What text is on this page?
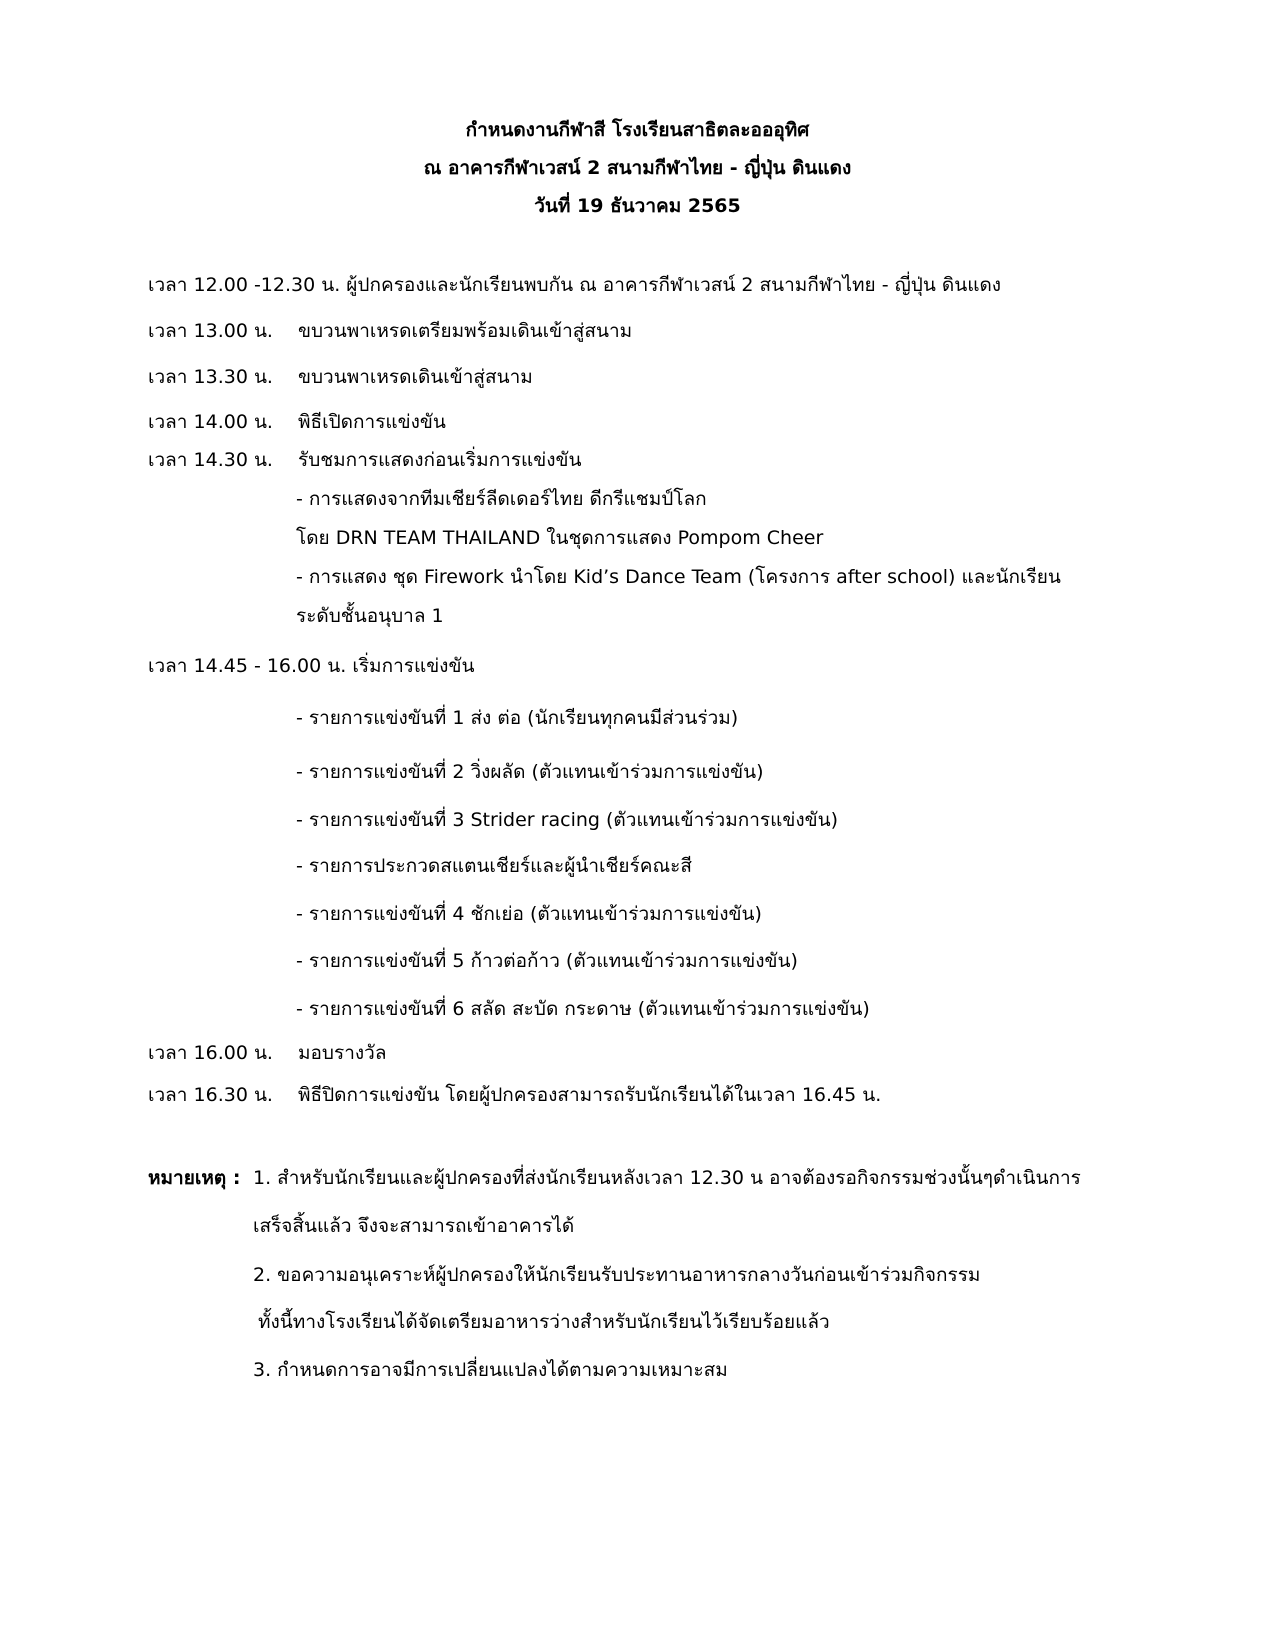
กำหนดงานกีฬาสี โรงเรียนสาธิตละอออุทิศ
ณ อาคารกีฬาเวสน์ 2 สนามกีฬาไทย - ญี่ปุ่น ดินแดง
วันที่ 19 ธันวาคม 2565
เวลา 12.00 -12.30 น. ผู้ปกครองและนักเรียนพบกัน ณ อาคารกีฬาเวสน์ 2 สนามกีฬาไทย - ญี่ปุ่น ดินแดง
เวลา 13.00 น. ขบวนพาเหรดเตรียมพร้อมเดินเข้าสู่สนาม
เวลา 13.30 น. ขบวนพาเหรดเดินเข้าสู่สนาม
เวลา 14.00 น. พิธีเปิดการแข่งขัน
เวลา 14.30 น. รับชมการแสดงก่อนเริ่มการแข่งขัน
- การแสดงจากทีมเชียร์ลีดเดอร์ไทย ดีกรีแชมป์โลก
โดย DRN TEAM THAILAND ในชุดการแสดง Pompom Cheer
- การแสดง ชุด Firework นำโดย Kid’s Dance Team (โครงการ after school) และนักเรียน
ระดับชั้นอนุบาล 1
เวลา 14.45 - 16.00 น. เริ่มการแข่งขัน
- รายการแข่งขันที่ 1 ส่ง ต่อ (นักเรียนทุกคนมีส่วนร่วม)
- รายการแข่งขันที่ 2 วิ่งผลัด (ตัวแทนเข้าร่วมการแข่งขัน)
- รายการแข่งขันที่ 3 Strider racing (ตัวแทนเข้าร่วมการแข่งขัน)
- รายการประกวดสแตนเชียร์และผู้นำเชียร์คณะสี
- รายการแข่งขันที่ 4 ชักเย่อ (ตัวแทนเข้าร่วมการแข่งขัน)
- รายการแข่งขันที่ 5 ก้าวต่อก้าว (ตัวแทนเข้าร่วมการแข่งขัน)
- รายการแข่งขันที่ 6 สลัด สะบัด กระดาษ (ตัวแทนเข้าร่วมการแข่งขัน)
เวลา 16.00 น. มอบรางวัล
เวลา 16.30 น. พิธีปิดการแข่งขัน โดยผู้ปกครองสามารถรับนักเรียนได้ในเวลา 16.45 น.
หมายเหตุ : 1. สำหรับนักเรียนและผู้ปกครองที่ส่งนักเรียนหลังเวลา 12.30 น อาจต้องรอกิจกรรมช่วงนั้นๆดำเนินการ
เสร็จสิ้นแล้ว จึงจะสามารถเข้าอาคารได้
2. ขอความอนุเคราะห์ผู้ปกครองให้นักเรียนรับประทานอาหารกลางวันก่อนเข้าร่วมกิจกรรม
ทั้งนี้ทางโรงเรียนได้จัดเตรียมอาหารว่างสำหรับนักเรียนไว้เรียบร้อยแล้ว
3. กำหนดการอาจมีการเปลี่ยนแปลงได้ตามความเหมาะสม
